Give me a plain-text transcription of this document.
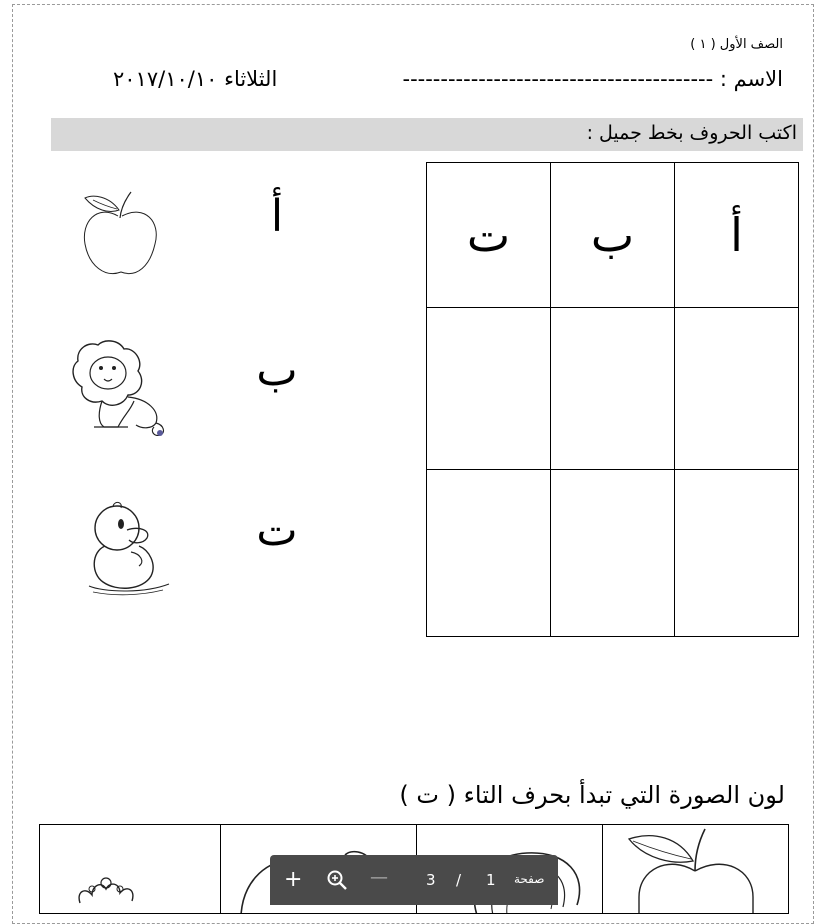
الصف الأول ( ١ )
الاسم : -----------------------------------------
الثلاثاء ٢٠١٧/١٠/١٠
اكتب الحروف بخط جميل :
ت	ب	أ

أ
ب
ت
لون الصورة التي تبدأ بحرف التاء ( ت )
+	—	3 / 1 صفحة
